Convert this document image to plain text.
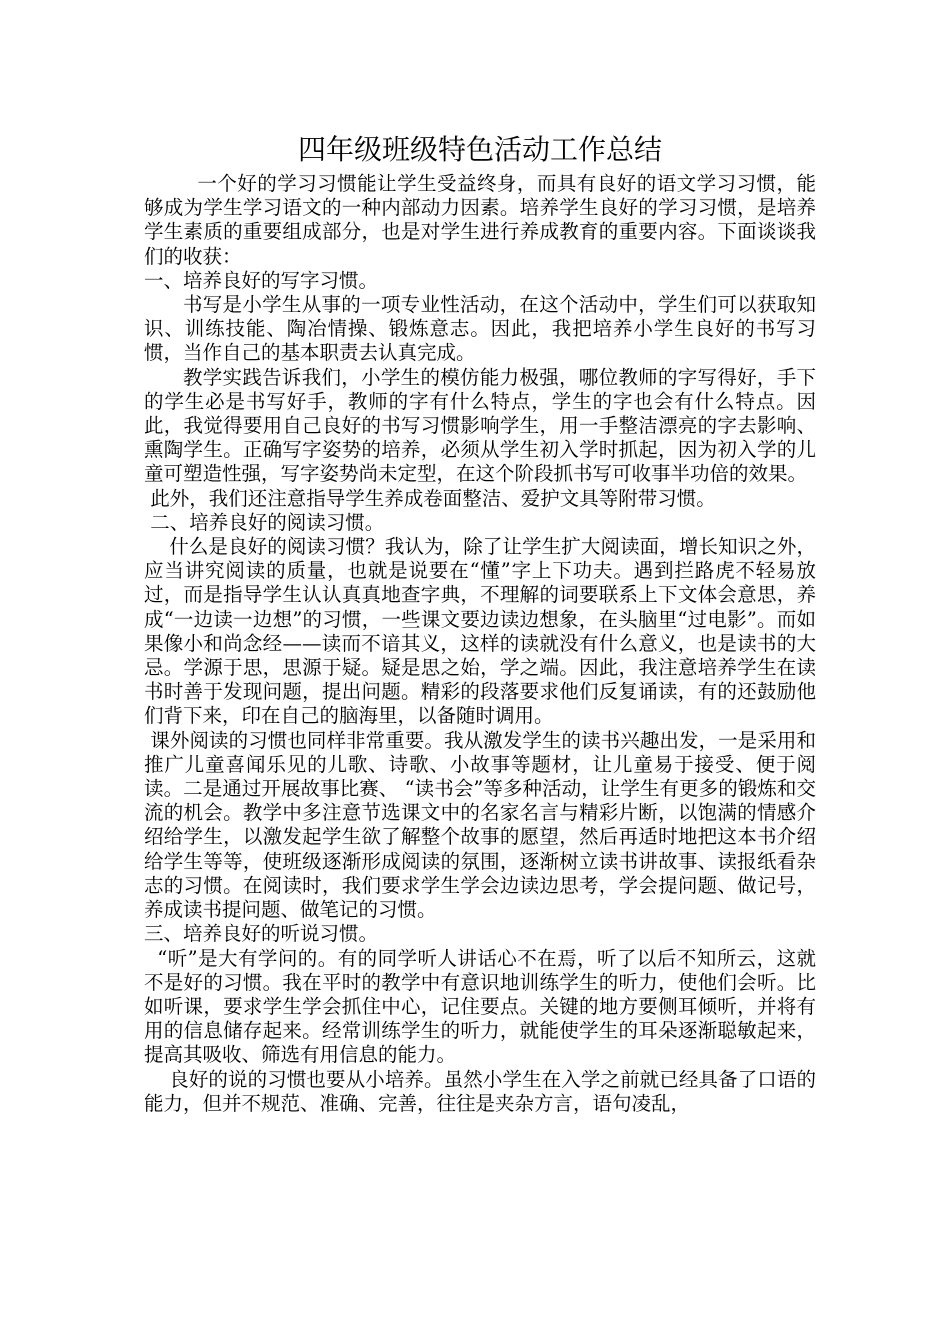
四年级班级特色活动工作总结

一个好的学习习惯能让学生受益终身，而具有良好的语文学习习惯，能够成为学生学习语文的一种内部动力因素。培养学生良好的学习习惯，是培养学生素质的重要组成部分，也是对学生进行养成教育的重要内容。下面谈谈我们的收获：

一、培养良好的写字习惯。

书写是小学生从事的一项专业性活动，在这个活动中，学生们可以获取知识、训练技能、陶冶情操、锻炼意志。因此，我把培养小学生良好的书写习惯，当作自己的基本职责去认真完成。

教学实践告诉我们，小学生的模仿能力极强，哪位教师的字写得好，手下的学生必是书写好手，教师的字有什么特点，学生的字也会有什么特点。因此，我觉得要用自己良好的书写习惯影响学生，用一手整洁漂亮的字去影响、熏陶学生。正确写字姿势的培养，必须从学生初入学时抓起，因为初入学的儿童可塑造性强，写字姿势尚未定型，在这个阶段抓书写可收事半功倍的效果。

此外，我们还注意指导学生养成卷面整洁、爱护文具等附带习惯。

二、培养良好的阅读习惯。

什么是良好的阅读习惯？我认为，除了让学生扩大阅读面，增长知识之外，应当讲究阅读的质量，也就是说要在“懂”字上下功夫。遇到拦路虎不轻易放过，而是指导学生认认真真地查字典，不理解的词要联系上下文体会意思，养成“一边读一边想”的习惯，一些课文要边读边想象，在头脑里“过电影”。而如果像小和尚念经——读而不谙其义，这样的读就没有什么意义，也是读书的大忌。学源于思，思源于疑。疑是思之始，学之端。因此，我注意培养学生在读书时善于发现问题，提出问题。精彩的段落要求他们反复诵读，有的还鼓励他们背下来，印在自己的脑海里，以备随时调用。

课外阅读的习惯也同样非常重要。我从激发学生的读书兴趣出发，一是采用和推广儿童喜闻乐见的儿歌、诗歌、小故事等题材，让儿童易于接受、便于阅读。二是通过开展故事比赛、 “读书会”等多种活动，让学生有更多的锻炼和交流的机会。教学中多注意节选课文中的名家名言与精彩片断，以饱满的情感介绍给学生，以激发起学生欲了解整个故事的愿望，然后再适时地把这本书介绍给学生等等，使班级逐渐形成阅读的氛围，逐渐树立读书讲故事、读报纸看杂志的习惯。在阅读时，我们要求学生学会边读边思考，学会提问题、做记号，养成读书提问题、做笔记的习惯。

三、培养良好的听说习惯。

“听”是大有学问的。有的同学听人讲话心不在焉，听了以后不知所云，这就不是好的习惯。我在平时的教学中有意识地训练学生的听力，使他们会听。比如听课，要求学生学会抓住中心，记住要点。关键的地方要侧耳倾听，并将有用的信息储存起来。经常训练学生的听力，就能使学生的耳朵逐渐聪敏起来，提高其吸收、筛选有用信息的能力。

良好的说的习惯也要从小培养。虽然小学生在入学之前就已经具备了口语的能力，但并不规范、准确、完善，往往是夹杂方言，语句凌乱，
